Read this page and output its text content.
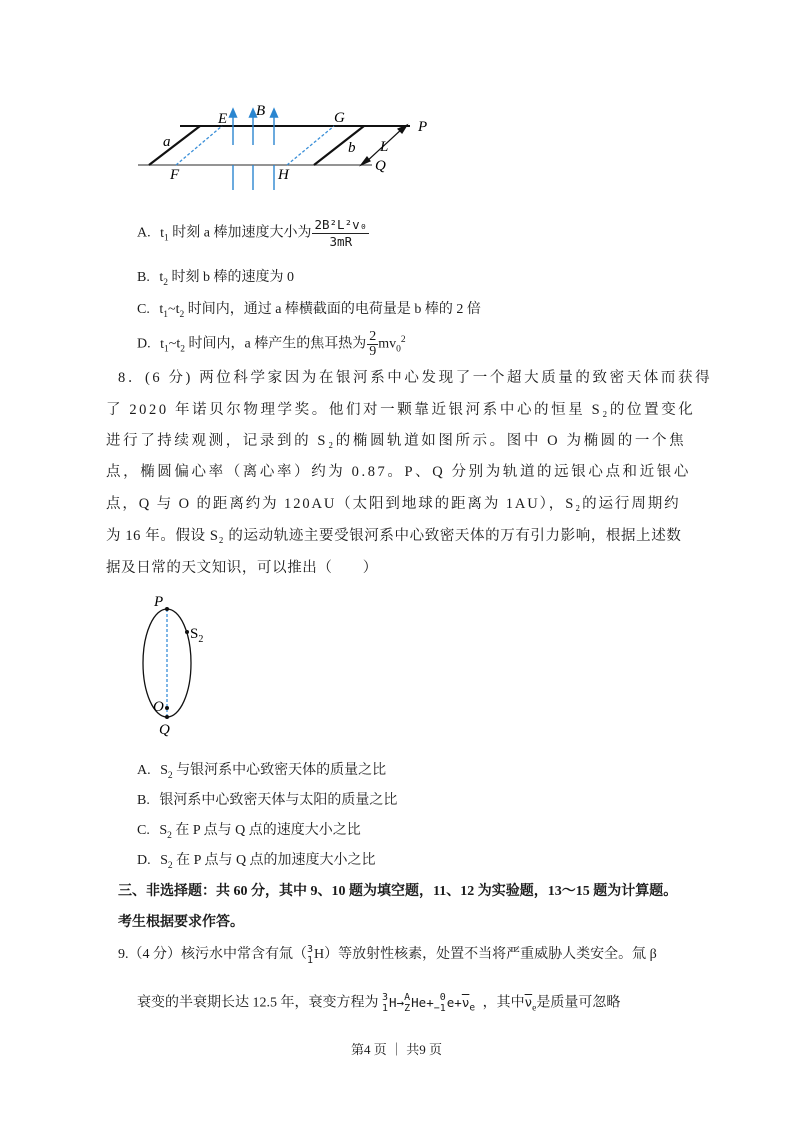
E B	G
P
a	b L
F	H
Q
A. $t_1$ 时刻 a 棒加速度大小为 $\frac{\text{2B²L²v₀}}{3mR}$
B. $t_2$ 时刻 b 棒的速度为 0
C. $t_1\sim t_2$ 时间内，通过 a 棒横截面的电荷量是 b 棒的 2 倍
D. $t_1\sim t_2$ 时间内，a 棒产生的焦耳热为 $\frac{2}{9} mv_0^2$
8．(6 分) 两位科学家因为在银河系中心发现了一个超大质量的致密天体而获得
了 2020 年诺贝尔物理学奖。他们对一颗靠近银河系中心的恒星 S₂的位置变化
进行了持续观测，记录到的 S₂的椭圆轨道如图所示。图中 O 为椭圆的一个焦
点，椭圆偏心率（离心率）约为 0.87。P、Q 分别为轨道的远银心点和近银心
点，Q 与 O 的距离约为 120AU（太阳到地球的距离为 1AU），S₂的运行周期约
为 16 年。假设 S₂ 的运动轨迹主要受银河系中心致密天体的万有引力影响，根据上述数
据及日常的天文知识，可以推出（　　）
P
$S_2$
O
Q
A. $S_2$ 与银河系中心致密天体的质量之比
B. 银河系中心致密天体与太阳的质量之比
C. $S_2$ 在 P 点与 Q 点的速度大小之比
D. $S_2$ 在 P 点与 Q 点的加速度大小之比
三、非选择题：共 60 分，其中 9、10 题为填空题，11、12 为实验题，13～15 题为计算题。
考生根据要求作答。
9.（4 分）核污水中常含有氚（ 3
1 H）等放射性核素，处置不当将严重威胁人类安全。氚 β
衰变的半衰期长达 12.5 年，衰变方程为 3
1 H→ A
Z He+ 0
−1 $e+\overline{\nu}_e$ ，其中$\overline{\nu}_e$是质量可忽略
第4 页 ｜ 共9 页
